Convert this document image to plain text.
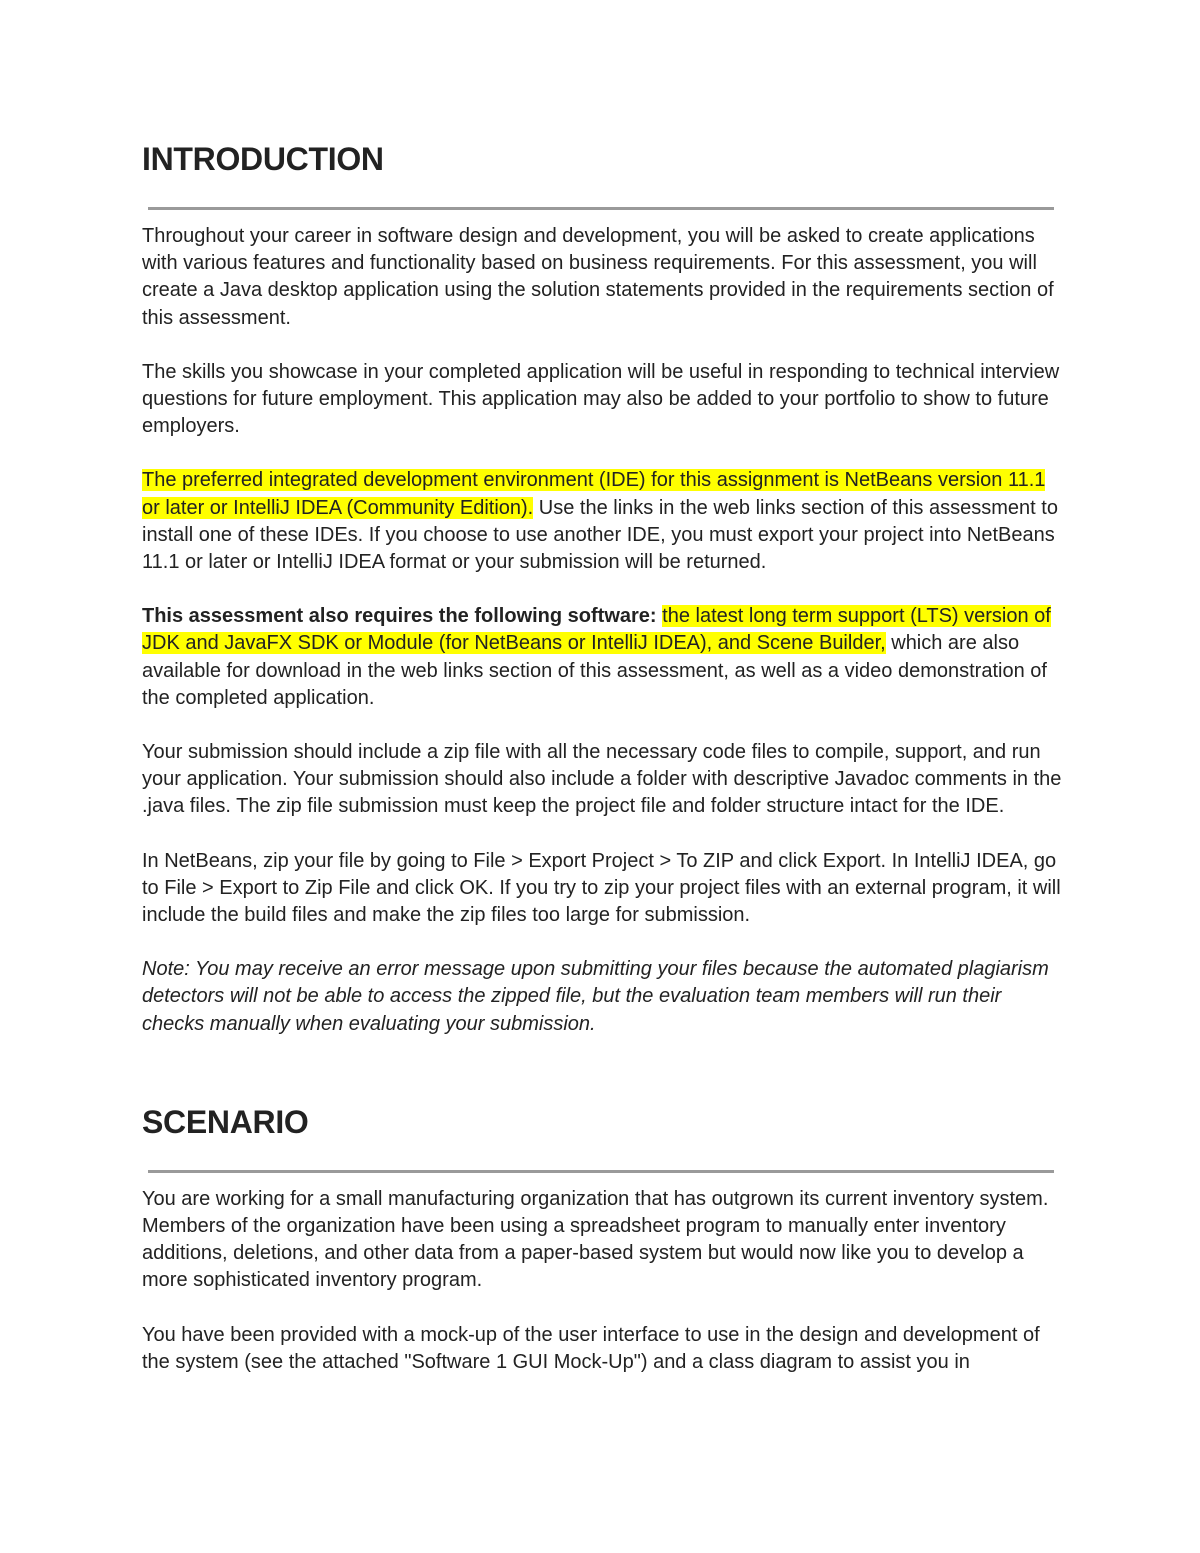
INTRODUCTION

Throughout your career in software design and development, you will be asked to create applications with various features and functionality based on business requirements. For this assessment, you will create a Java desktop application using the solution statements provided in the requirements section of this assessment.

The skills you showcase in your completed application will be useful in responding to technical interview questions for future employment. This application may also be added to your portfolio to show to future employers.

The preferred integrated development environment (IDE) for this assignment is NetBeans version 11.1 or later or IntelliJ IDEA (Community Edition). Use the links in the web links section of this assessment to install one of these IDEs. If you choose to use another IDE, you must export your project into NetBeans 11.1 or later or IntelliJ IDEA format or your submission will be returned.

This assessment also requires the following software: the latest long term support (LTS) version of JDK and JavaFX SDK or Module (for NetBeans or IntelliJ IDEA), and Scene Builder, which are also available for download in the web links section of this assessment, as well as a video demonstration of the completed application.

Your submission should include a zip file with all the necessary code files to compile, support, and run your application. Your submission should also include a folder with descriptive Javadoc comments in the .java files. The zip file submission must keep the project file and folder structure intact for the IDE.

In NetBeans, zip your file by going to File > Export Project > To ZIP and click Export. In IntelliJ IDEA, go to File > Export to Zip File and click OK. If you try to zip your project files with an external program, it will include the build files and make the zip files too large for submission.

Note: You may receive an error message upon submitting your files because the automated plagiarism detectors will not be able to access the zipped file, but the evaluation team members will run their checks manually when evaluating your submission.

SCENARIO

You are working for a small manufacturing organization that has outgrown its current inventory system. Members of the organization have been using a spreadsheet program to manually enter inventory additions, deletions, and other data from a paper-based system but would now like you to develop a more sophisticated inventory program.

You have been provided with a mock-up of the user interface to use in the design and development of the system (see the attached "Software 1 GUI Mock-Up") and a class diagram to assist you in
